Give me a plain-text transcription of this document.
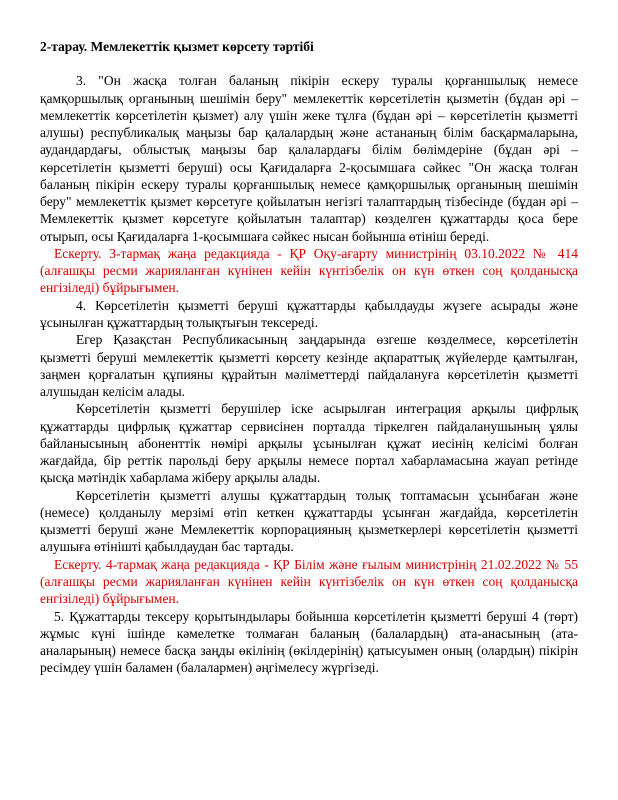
2-тарау. Мемлекеттік қызмет көрсету тәртібі

3. "Он жасқа толған баланың пікірін ескеру туралы қорғаншылық немесе қамқоршылық органының шешімін беру" мемлекеттік көрсетілетін қызметін (бұдан әрі – мемлекеттік көрсетілетін қызмет) алу үшін жеке тұлға (бұдан әрі – көрсетілетін қызметті алушы) республикалық маңызы бар қалалардың және астананың білім басқармаларына, аудандардағы, облыстық маңызы бар қалалардағы білім бөлімдеріне (бұдан әрі – көрсетілетін қызметті беруші) осы Қағидаларға 2-қосымшаға сәйкес "Он жасқа толған баланың пікірін ескеру туралы қорғаншылық немесе қамқоршылық органының шешімін беру" мемлекеттік қызмет көрсетуге қойылатын негізгі талаптардың тізбесінде (бұдан әрі – Мемлекеттік қызмет көрсетуге қойылатын талаптар) көзделген құжаттарды қоса бере отырып, осы Қағидаларға 1-қосымшаға сәйкес нысан бойынша өтініш береді.

Ескерту. 3-тармақ жаңа редакцияда - ҚР Оқу-ағарту министрінің 03.10.2022 № 414 (алғашқы ресми жарияланған күнінен кейін күнтізбелік он күн өткен соң қолданысқа енгізіледі) бұйрығымен.

4. Көрсетілетін қызметті беруші құжаттарды қабылдауды жүзеге асырады және ұсынылған құжаттардың толықтығын тексереді.

Егер Қазақстан Республикасының заңдарында өзгеше көзделмесе, көрсетілетін қызметті беруші мемлекеттік қызметті көрсету кезінде ақпараттық жүйелерде қамтылған, заңмен қорғалатын құпияны құрайтын мәліметтерді пайдалануға көрсетілетін қызметті алушыдан келісім алады.

Көрсетілетін қызметті берушілер іске асырылған интеграция арқылы цифрлық құжаттарды цифрлық құжаттар сервисінен порталда тіркелген пайдаланушының ұялы байланысының абоненттік нөмірі арқылы ұсынылған құжат иесінің келісімі болған жағдайда, бір реттік парольді беру арқылы немесе портал хабарламасына жауап ретінде қысқа мәтіндік хабарлама жіберу арқылы алады.

Көрсетілетін қызметті алушы құжаттардың толық топтамасын ұсынбаған және (немесе) қолданылу мерзімі өтіп кеткен құжаттарды ұсынған жағдайда, көрсетілетін қызметті беруші және Мемлекеттік корпорацияның қызметкерлері көрсетілетін қызметті алушыға өтінішті қабылдаудан бас тартады.

Ескерту. 4-тармақ жаңа редакцияда - ҚР Білім және ғылым министрінің 21.02.2022 № 55 (алғашқы ресми жарияланған күнінен кейін күнтізбелік он күн өткен соң қолданысқа енгізіледі) бұйрығымен.

5. Құжаттарды тексеру қорытындылары бойынша көрсетілетін қызметті беруші 4 (төрт) жұмыс күні ішінде кәмелетке толмаған баланың (балалардың) ата-анасының (ата-аналарының) немесе басқа заңды өкілінің (өкілдерінің) қатысуымен оның (олардың) пікірін ресімдеу үшін баламен (балалармен) әңгімелесу жүргізеді.
